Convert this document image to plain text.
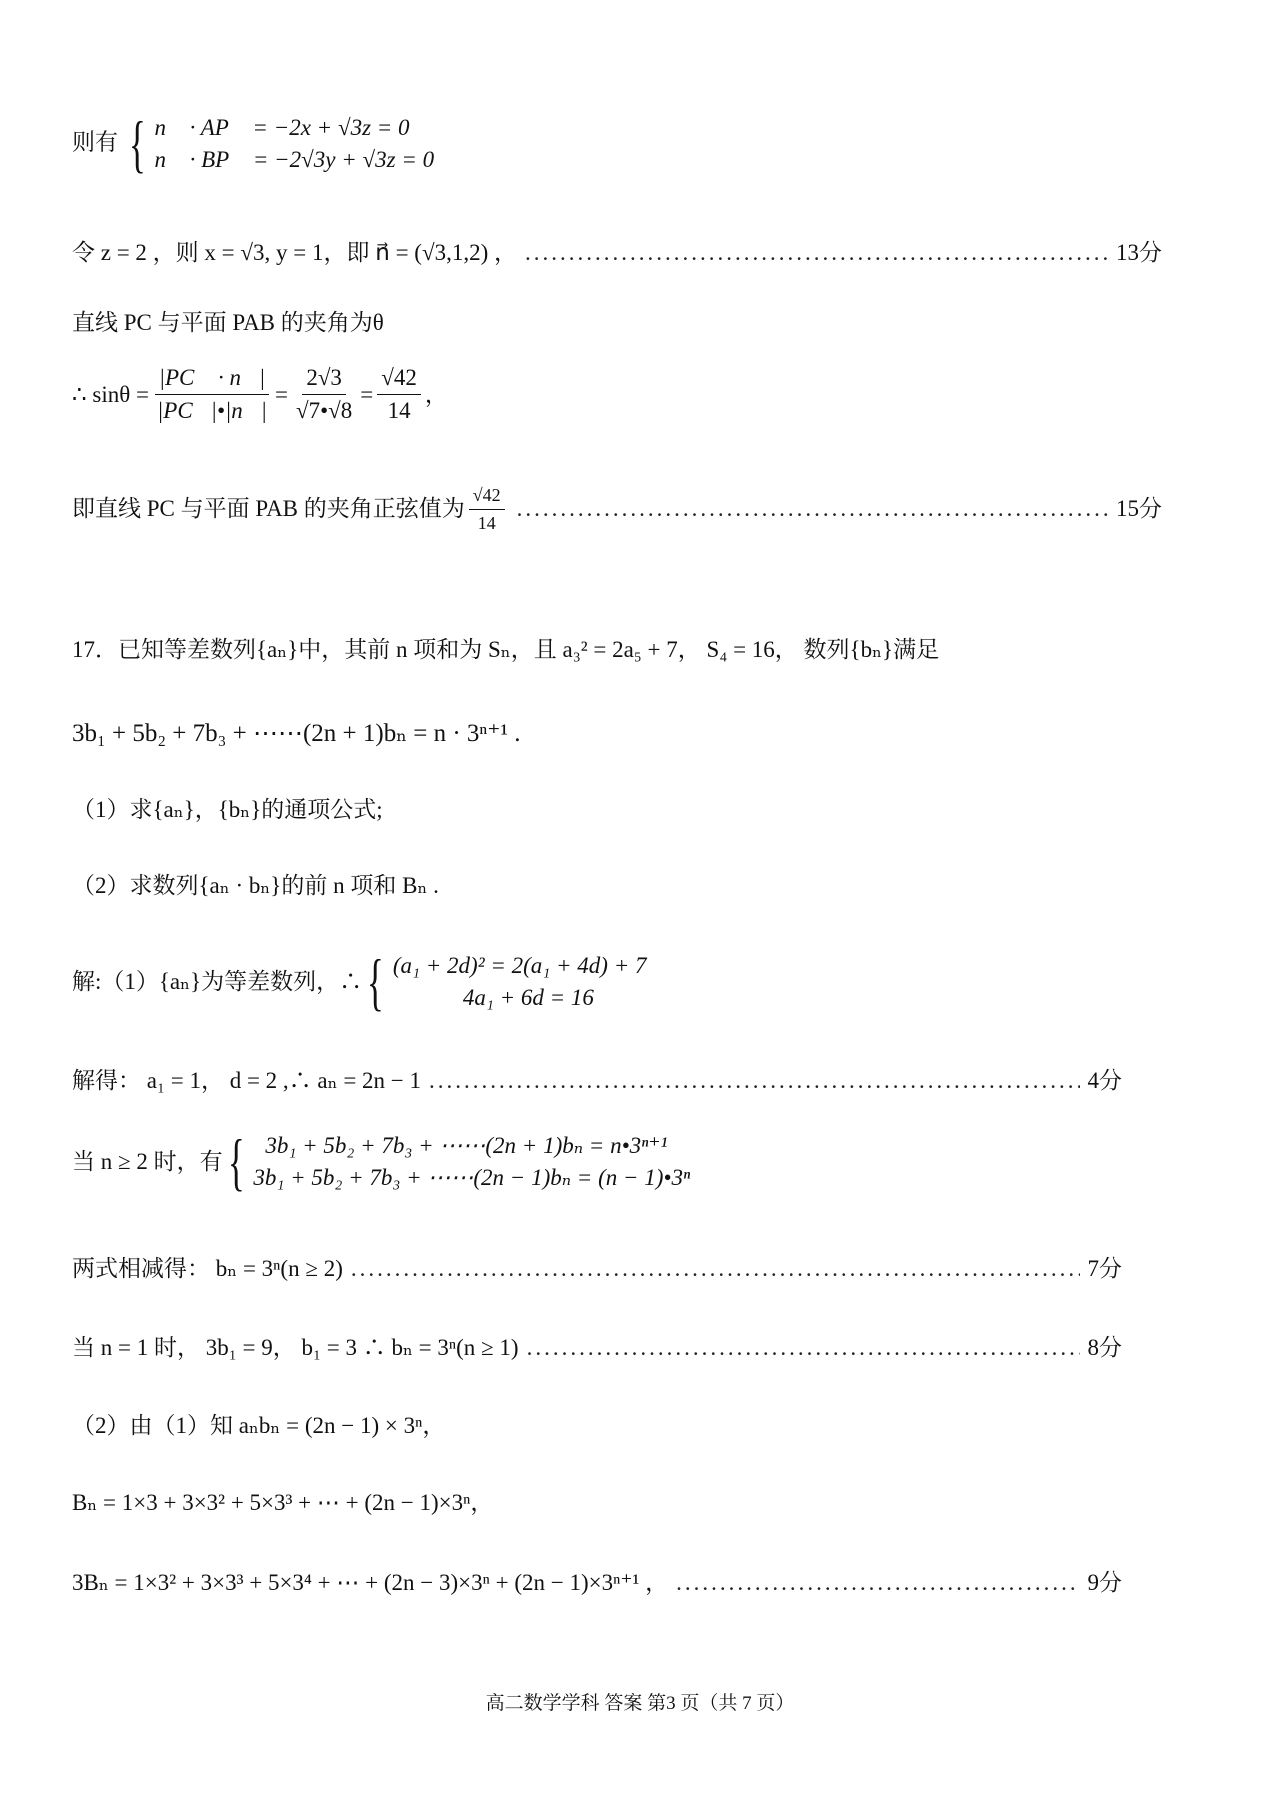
则有 { n⃗ · AP⃗ = −2x + √3z = 0
n⃗ · BP⃗ = −2√3y + √3z = 0
令 z = 2 ，则 x = √3, y = 1，即 n⃗ = (√3,1,2) ， .....	13分
直线 PC 与平面 PAB 的夹角为θ
∴ $\sin\theta = \frac{|PC⃗ \cdot n⃗|}{|PC⃗|•|n⃗|} = \frac{2√3}{√7•√8} = \frac{√42}{14}$ ，
即直线 PC 与平面 PAB 的夹角正弦值为 $\frac{√42}{14}$ .....	15分
17．已知等差数列{aₙ}中，其前 n 项和为 Sₙ，且 a₃² = 2a₅ + 7， S₄ = 16， 数列{bₙ}满足
3b₁ + 5b₂ + 7b₃ + ⋯⋯(2n + 1)bₙ = n · 3ⁿ⁺¹ .
（1）求{aₙ}，{bₙ}的通项公式;
（2）求数列{aₙ · bₙ}的前 n 项和 Bₙ .
解:（1）{aₙ}为等差数列，∴ { (a₁ + 2d)² = 2(a₁ + 4d) + 7
4a₁ + 6d = 16
解得： a₁ = 1， d = 2 ,∴ aₙ = 2n − 1 .....	4分
当 n ≥ 2 时，有 { 3b₁ + 5b₂ + 7b₃ + ⋯⋯(2n + 1)bₙ = n•3ⁿ⁺¹
3b₁ + 5b₂ + 7b₃ + ⋯⋯(2n − 1)bₙ = (n − 1)•3ⁿ
两式相减得： bₙ = 3ⁿ(n ≥ 2) .....	7分
当 n = 1 时， 3b₁ = 9， b₁ = 3 ∴ bₙ = 3ⁿ(n ≥ 1) .....	8分
（2）由（1）知 aₙbₙ = (2n − 1) × 3ⁿ，
Bₙ = 1×3 + 3×3² + 5×3³ + ⋯ + (2n − 1)×3ⁿ，
3Bₙ = 1×3² + 3×3³ + 5×3⁴ + ⋯ + (2n − 3)×3ⁿ + (2n − 1)×3ⁿ⁺¹ ， .....	9分
高二数学学科 答案 第3 页（共 7 页）
